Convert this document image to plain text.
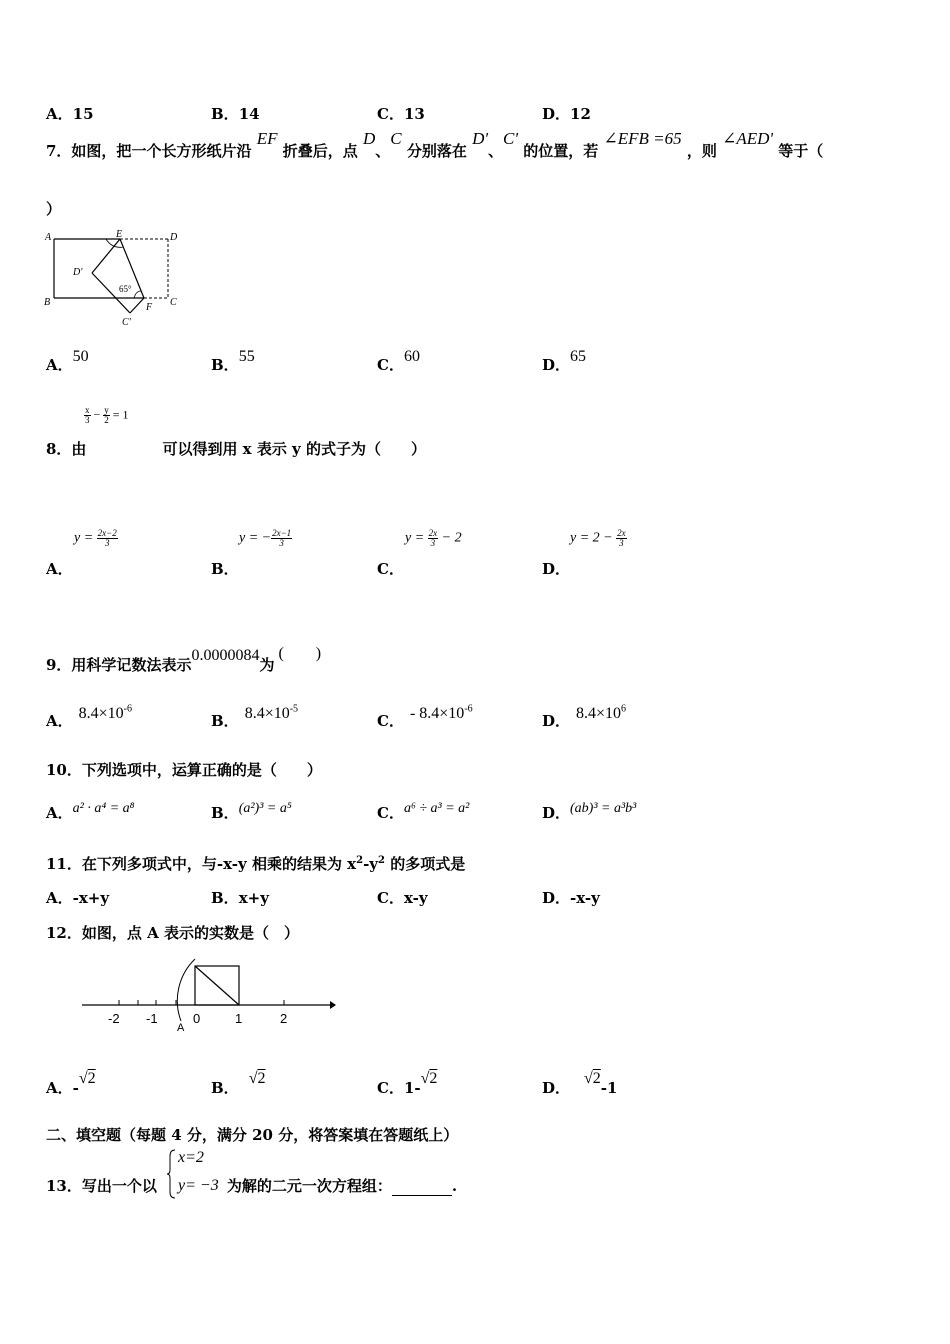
A．15	B．14	C．13	D．12
7．如图，把一个长方形纸片沿 EF 折叠后，点 D、C 分别落在 D'、C' 的位置，若 ∠EFB =65 ，则 ∠AED' 等于（
）
A	E	D
D'
65°
B	F C
C'
A．50	B．55	C．60	D．65
$\frac{x}{3} - \frac{y}{2} = 1$
8．由	可以得到用 x 表示 y 的式子为（　　）
$y = \frac{2x-2}{3}$
A．
y = − $\frac{2x-1}{3}$
B．
$y = \frac{2x}{3} - 2$
C．
$y = 2 - \frac{2x}{3}$
D．
9．用科学记数法表示0.0000084为(　　)
A． $8.4\times 10^{-6}$
B． $8.4\times 10^{-5}$
C． - $8.4\times 10^{-6}$
D． $8.4\times 10^6$
10．下列选项中，运算正确的是（　　）
A．a² · a⁴ = a⁸	B．(a²)³ = a⁵	C．a⁶ ÷ a³ = a²	D．(ab)³ = a³b³
11．在下列多项式中，与-x-y 相乘的结果为 $x^2-y^2$ 的多项式是
A．-x+y	B．x+y	C．x-y	D．-x-y
12．如图，点 A 表示的实数是（　）
-2 -1	0	1	2
A
A．-√2
B．√2
C．1-√2
D．√2-1
二、填空题（每题 4 分，满分 20 分，将答案填在答题纸上）
13．写出一个以	为解的二元一次方程组：	.
x=2
y= −3
